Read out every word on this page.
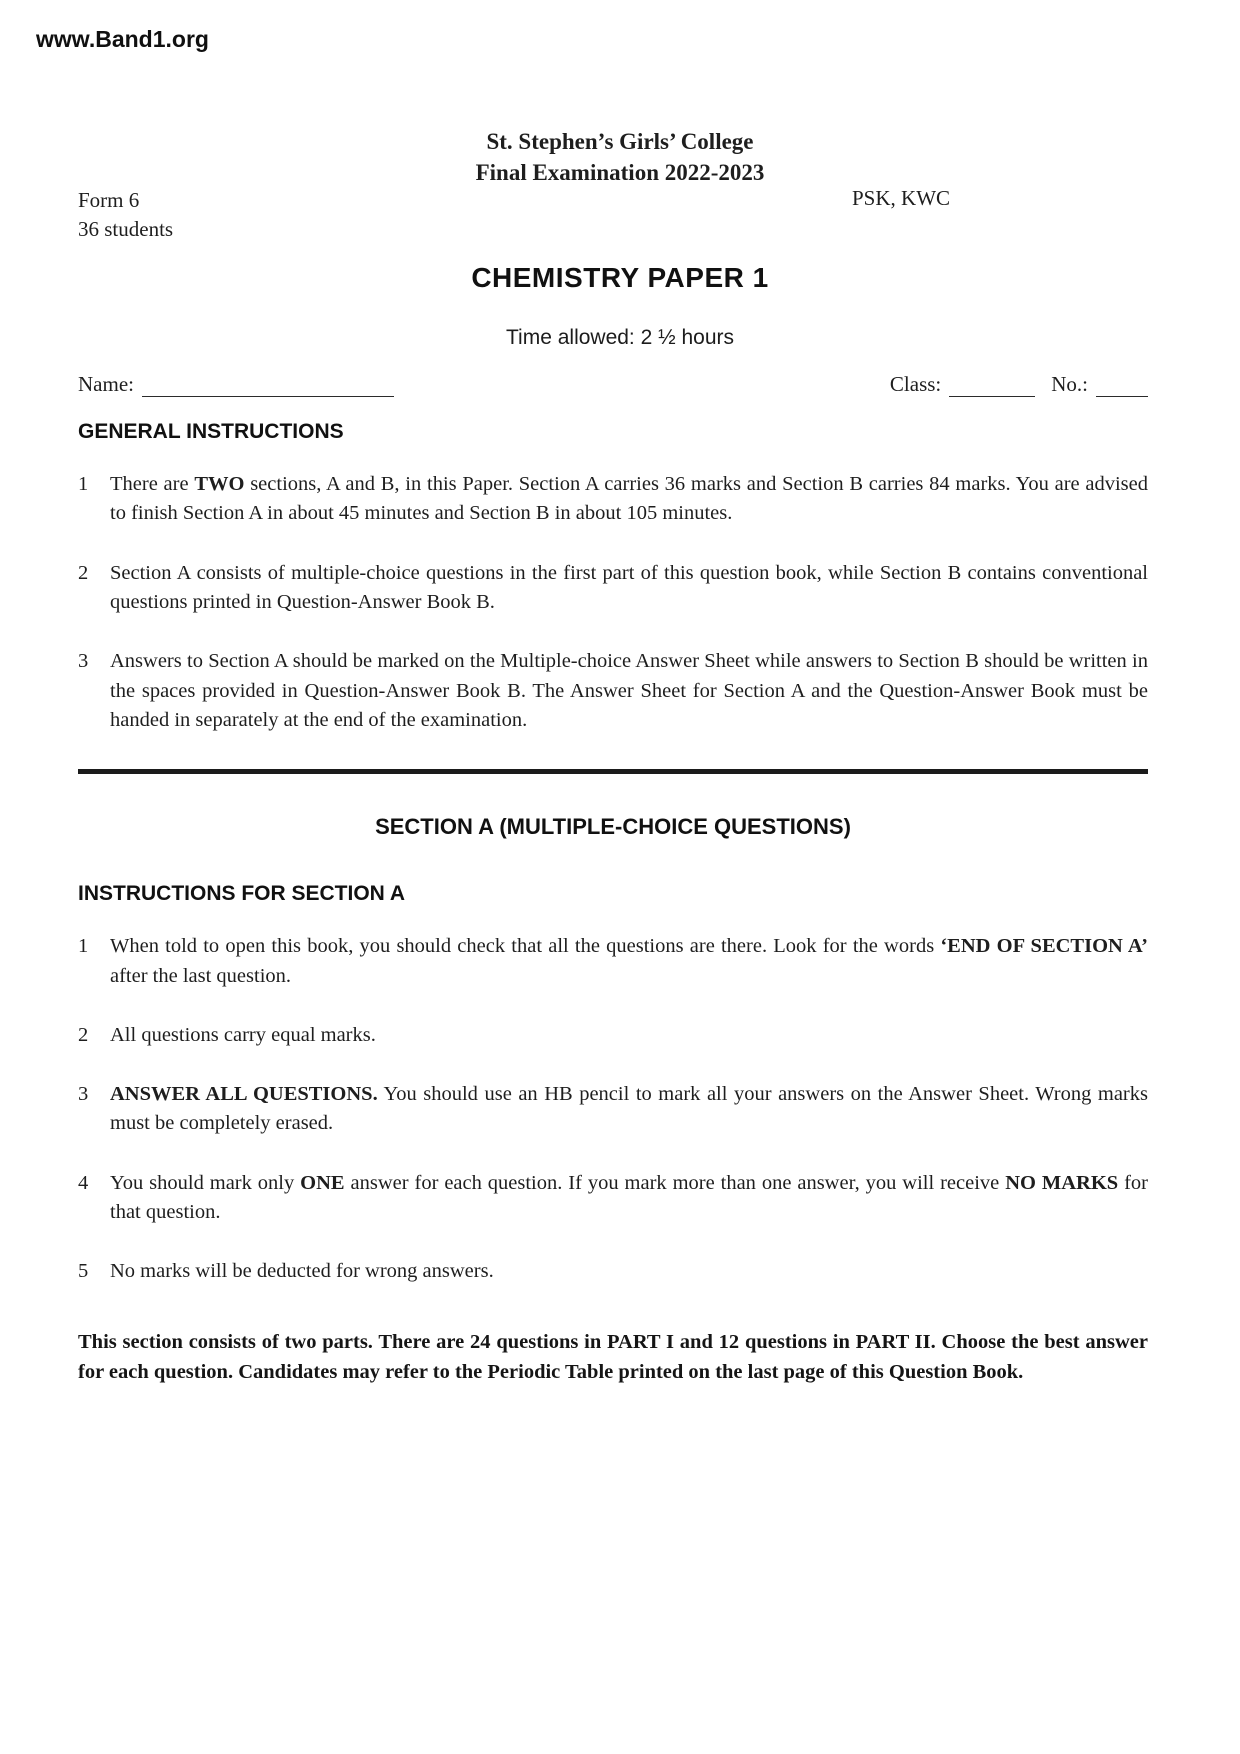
www.Band1.org
St. Stephen’s Girls’ College
Final Examination 2022-2023
Form 6
36 students
PSK, KWC
CHEMISTRY PAPER 1
Time allowed: 2 ½ hours
Name:	Class:	No.:
GENERAL INSTRUCTIONS
1	There are TWO sections, A and B, in this Paper. Section A carries 36 marks and Section B carries 84 marks. You are advised to finish Section A in about 45 minutes and Section B in about 105 minutes.
2	Section A consists of multiple-choice questions in the first part of this question book, while Section B contains conventional questions printed in Question-Answer Book B.
3	Answers to Section A should be marked on the Multiple-choice Answer Sheet while answers to Section B should be written in the spaces provided in Question-Answer Book B. The Answer Sheet for Section A and the Question-Answer Book must be handed in separately at the end of the examination.
SECTION A (MULTIPLE-CHOICE QUESTIONS)
INSTRUCTIONS FOR SECTION A
1	When told to open this book, you should check that all the questions are there. Look for the words ‘END OF SECTION A’ after the last question.
2	All questions carry equal marks.
3	ANSWER ALL QUESTIONS. You should use an HB pencil to mark all your answers on the Answer Sheet. Wrong marks must be completely erased.
4	You should mark only ONE answer for each question. If you mark more than one answer, you will receive NO MARKS for that question.
5	No marks will be deducted for wrong answers.

This section consists of two parts. There are 24 questions in PART I and 12 questions in PART II. Choose the best answer for each question. Candidates may refer to the Periodic Table printed on the last page of this Question Book.
